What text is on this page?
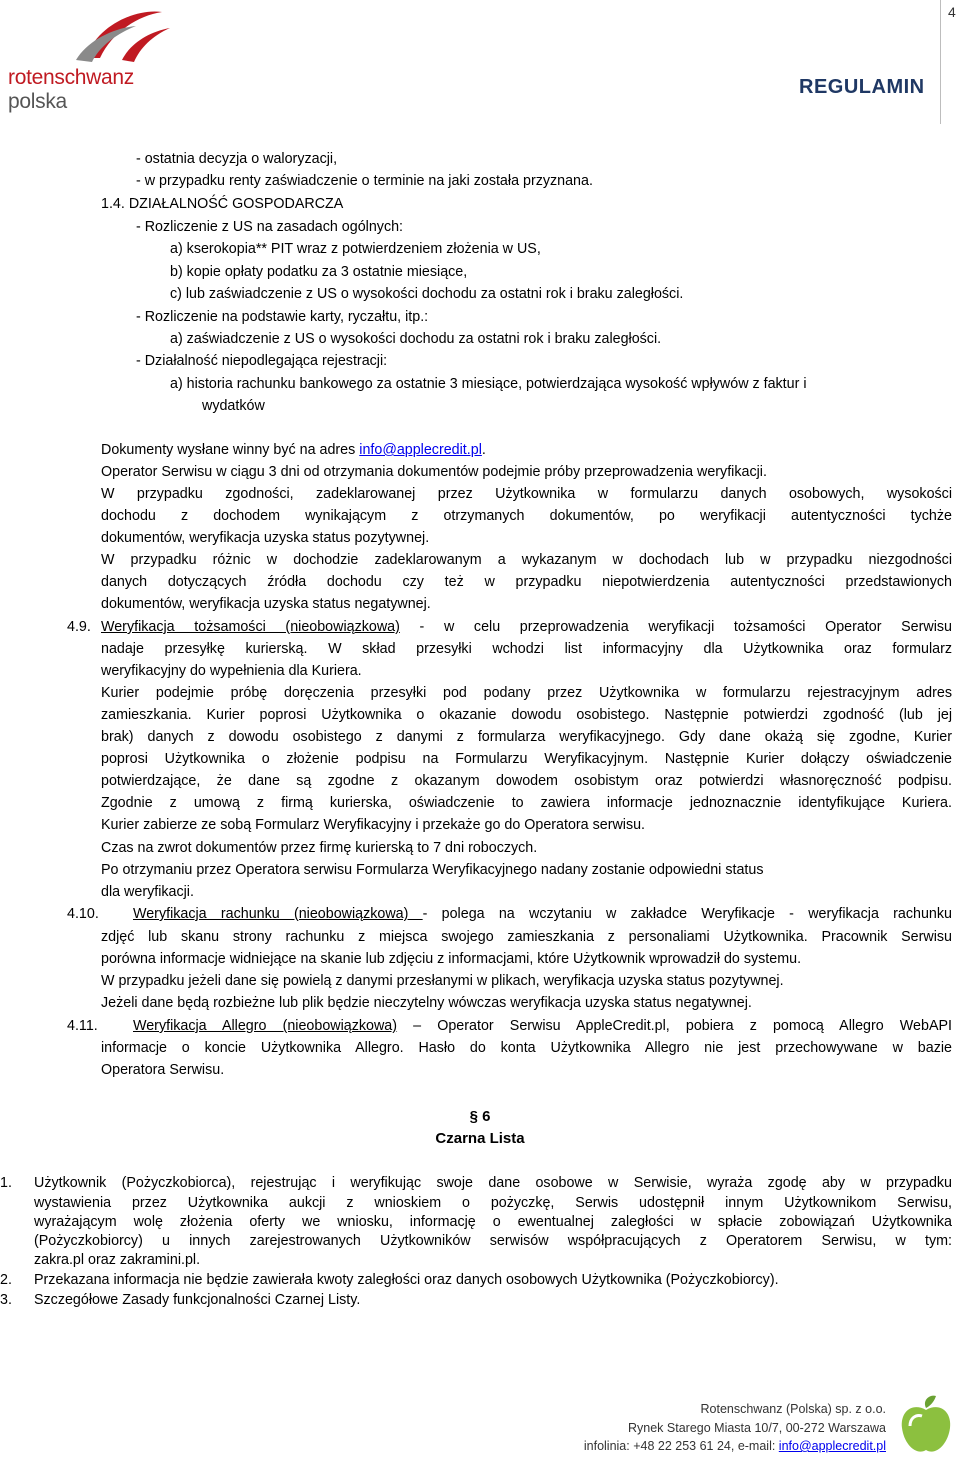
rotenschwanz polska
4
REGULAMIN
- ostatnia decyzja o waloryzacji,
- w przypadku renty zaświadczenie o terminie na jaki została przyznana.
1.4. DZIAŁALNOŚĆ GOSPODARCZA
- Rozliczenie z US na zasadach ogólnych:
a) kserokopia** PIT wraz z potwierdzeniem złożenia w US,
b) kopie opłaty podatku za 3 ostatnie miesiące,
c) lub zaświadczenie z US o wysokości dochodu za ostatni rok i braku zaległości.
- Rozliczenie na podstawie karty, ryczałtu, itp.:
a) zaświadczenie z US o wysokości dochodu za ostatni rok i braku zaległości.
- Działalność niepodlegająca rejestracji:
a) historia rachunku bankowego za ostatnie 3 miesiące, potwierdzająca wysokość wpływów z faktur i
wydatków
Dokumenty wysłane winny być na adres info@applecredit.pl.
Operator Serwisu w ciągu 3 dni od otrzymania dokumentów podejmie próby przeprowadzenia weryfikacji.
W przypadku zgodności, zadeklarowanej przez Użytkownika w formularzu danych osobowych, wysokości
dochodu z dochodem wynikającym z otrzymanych dokumentów, po weryfikacji autentyczności tychże
dokumentów, weryfikacja uzyska status pozytywnej.
W przypadku różnic w dochodzie zadeklarowanym a wykazanym w dochodach lub w przypadku niezgodności
danych dotyczących źródła dochodu czy też w przypadku niepotwierdzenia autentyczności przedstawionych
dokumentów, weryfikacja uzyska status negatywnej.
4.9. Weryfikacja tożsamości (nieobowiązkowa) - w celu przeprowadzenia weryfikacji tożsamości Operator Serwisu
nadaje przesyłkę kurierską. W skład przesyłki wchodzi list informacyjny dla Użytkownika oraz formularz
weryfikacyjny do wypełnienia dla Kuriera.
Kurier podejmie próbę doręczenia przesyłki pod podany przez Użytkownika w formularzu rejestracyjnym adres
zamieszkania. Kurier poprosi Użytkownika o okazanie dowodu osobistego. Następnie potwierdzi zgodność (lub jej
brak) danych z dowodu osobistego z danymi z formularza weryfikacyjnego. Gdy dane okażą się zgodne, Kurier
poprosi Użytkownika o złożenie podpisu na Formularzu Weryfikacyjnym. Następnie Kurier dołączy oświadczenie
potwierdzające, że dane są zgodne z okazanym dowodem osobistym oraz potwierdzi własnoręczność podpisu.
Zgodnie z umową z firmą kurierska, oświadczenie to zawiera informacje jednoznacznie identyfikujące Kuriera.
Kurier zabierze ze sobą Formularz Weryfikacyjny i przekaże go do Operatora serwisu.
Czas na zwrot dokumentów przez firmę kurierską to 7 dni roboczych.
Po otrzymaniu przez Operatora serwisu Formularza Weryfikacyjnego nadany zostanie odpowiedni status
dla weryfikacji.
4.10. Weryfikacja rachunku (nieobowiązkowa) - polega na wczytaniu w zakładce Weryfikacje - weryfikacja rachunku
zdjęć lub skanu strony rachunku z miejsca swojego zamieszkania z personaliami Użytkownika. Pracownik Serwisu
porówna informacje widniejące na skanie lub zdjęciu z informacjami, które Użytkownik wprowadził do systemu.
W przypadku jeżeli dane się powielą z danymi przesłanymi w plikach, weryfikacja uzyska status pozytywnej.
Jeżeli dane będą rozbieżne lub plik będzie nieczytelny wówczas weryfikacja uzyska status negatywnej.
4.11. Weryfikacja Allegro (nieobowiązkowa) – Operator Serwisu AppleCredit.pl, pobiera z pomocą Allegro WebAPI
informacje o koncie Użytkownika Allegro. Hasło do konta Użytkownika Allegro nie jest przechowywane w bazie
Operatora Serwisu.
§ 6
Czarna Lista
1. Użytkownik (Pożyczkobiorca), rejestrując i weryfikując swoje dane osobowe w Serwisie, wyraża zgodę aby w przypadku
wystawienia przez Użytkownika aukcji z wnioskiem o pożyczkę, Serwis udostępnił innym Użytkownikom Serwisu,
wyrażającym wolę złożenia oferty we wniosku, informację o ewentualnej zaległości w spłacie zobowiązań Użytkownika
(Pożyczkobiorcy) u innych zarejestrowanych Użytkowników serwisów współpracujących z Operatorem Serwisu, w tym:
zakra.pl oraz zakramini.pl.
2. Przekazana informacja nie będzie zawierała kwoty zaległości oraz danych osobowych Użytkownika (Pożyczkobiorcy).
3. Szczegółowe Zasady funkcjonalności Czarnej Listy.
Rotenschwanz (Polska) sp. z o.o.
Rynek Starego Miasta 10/7, 00-272 Warszawa
infolinia: +48 22 253 61 24, e-mail: info@applecredit.pl
